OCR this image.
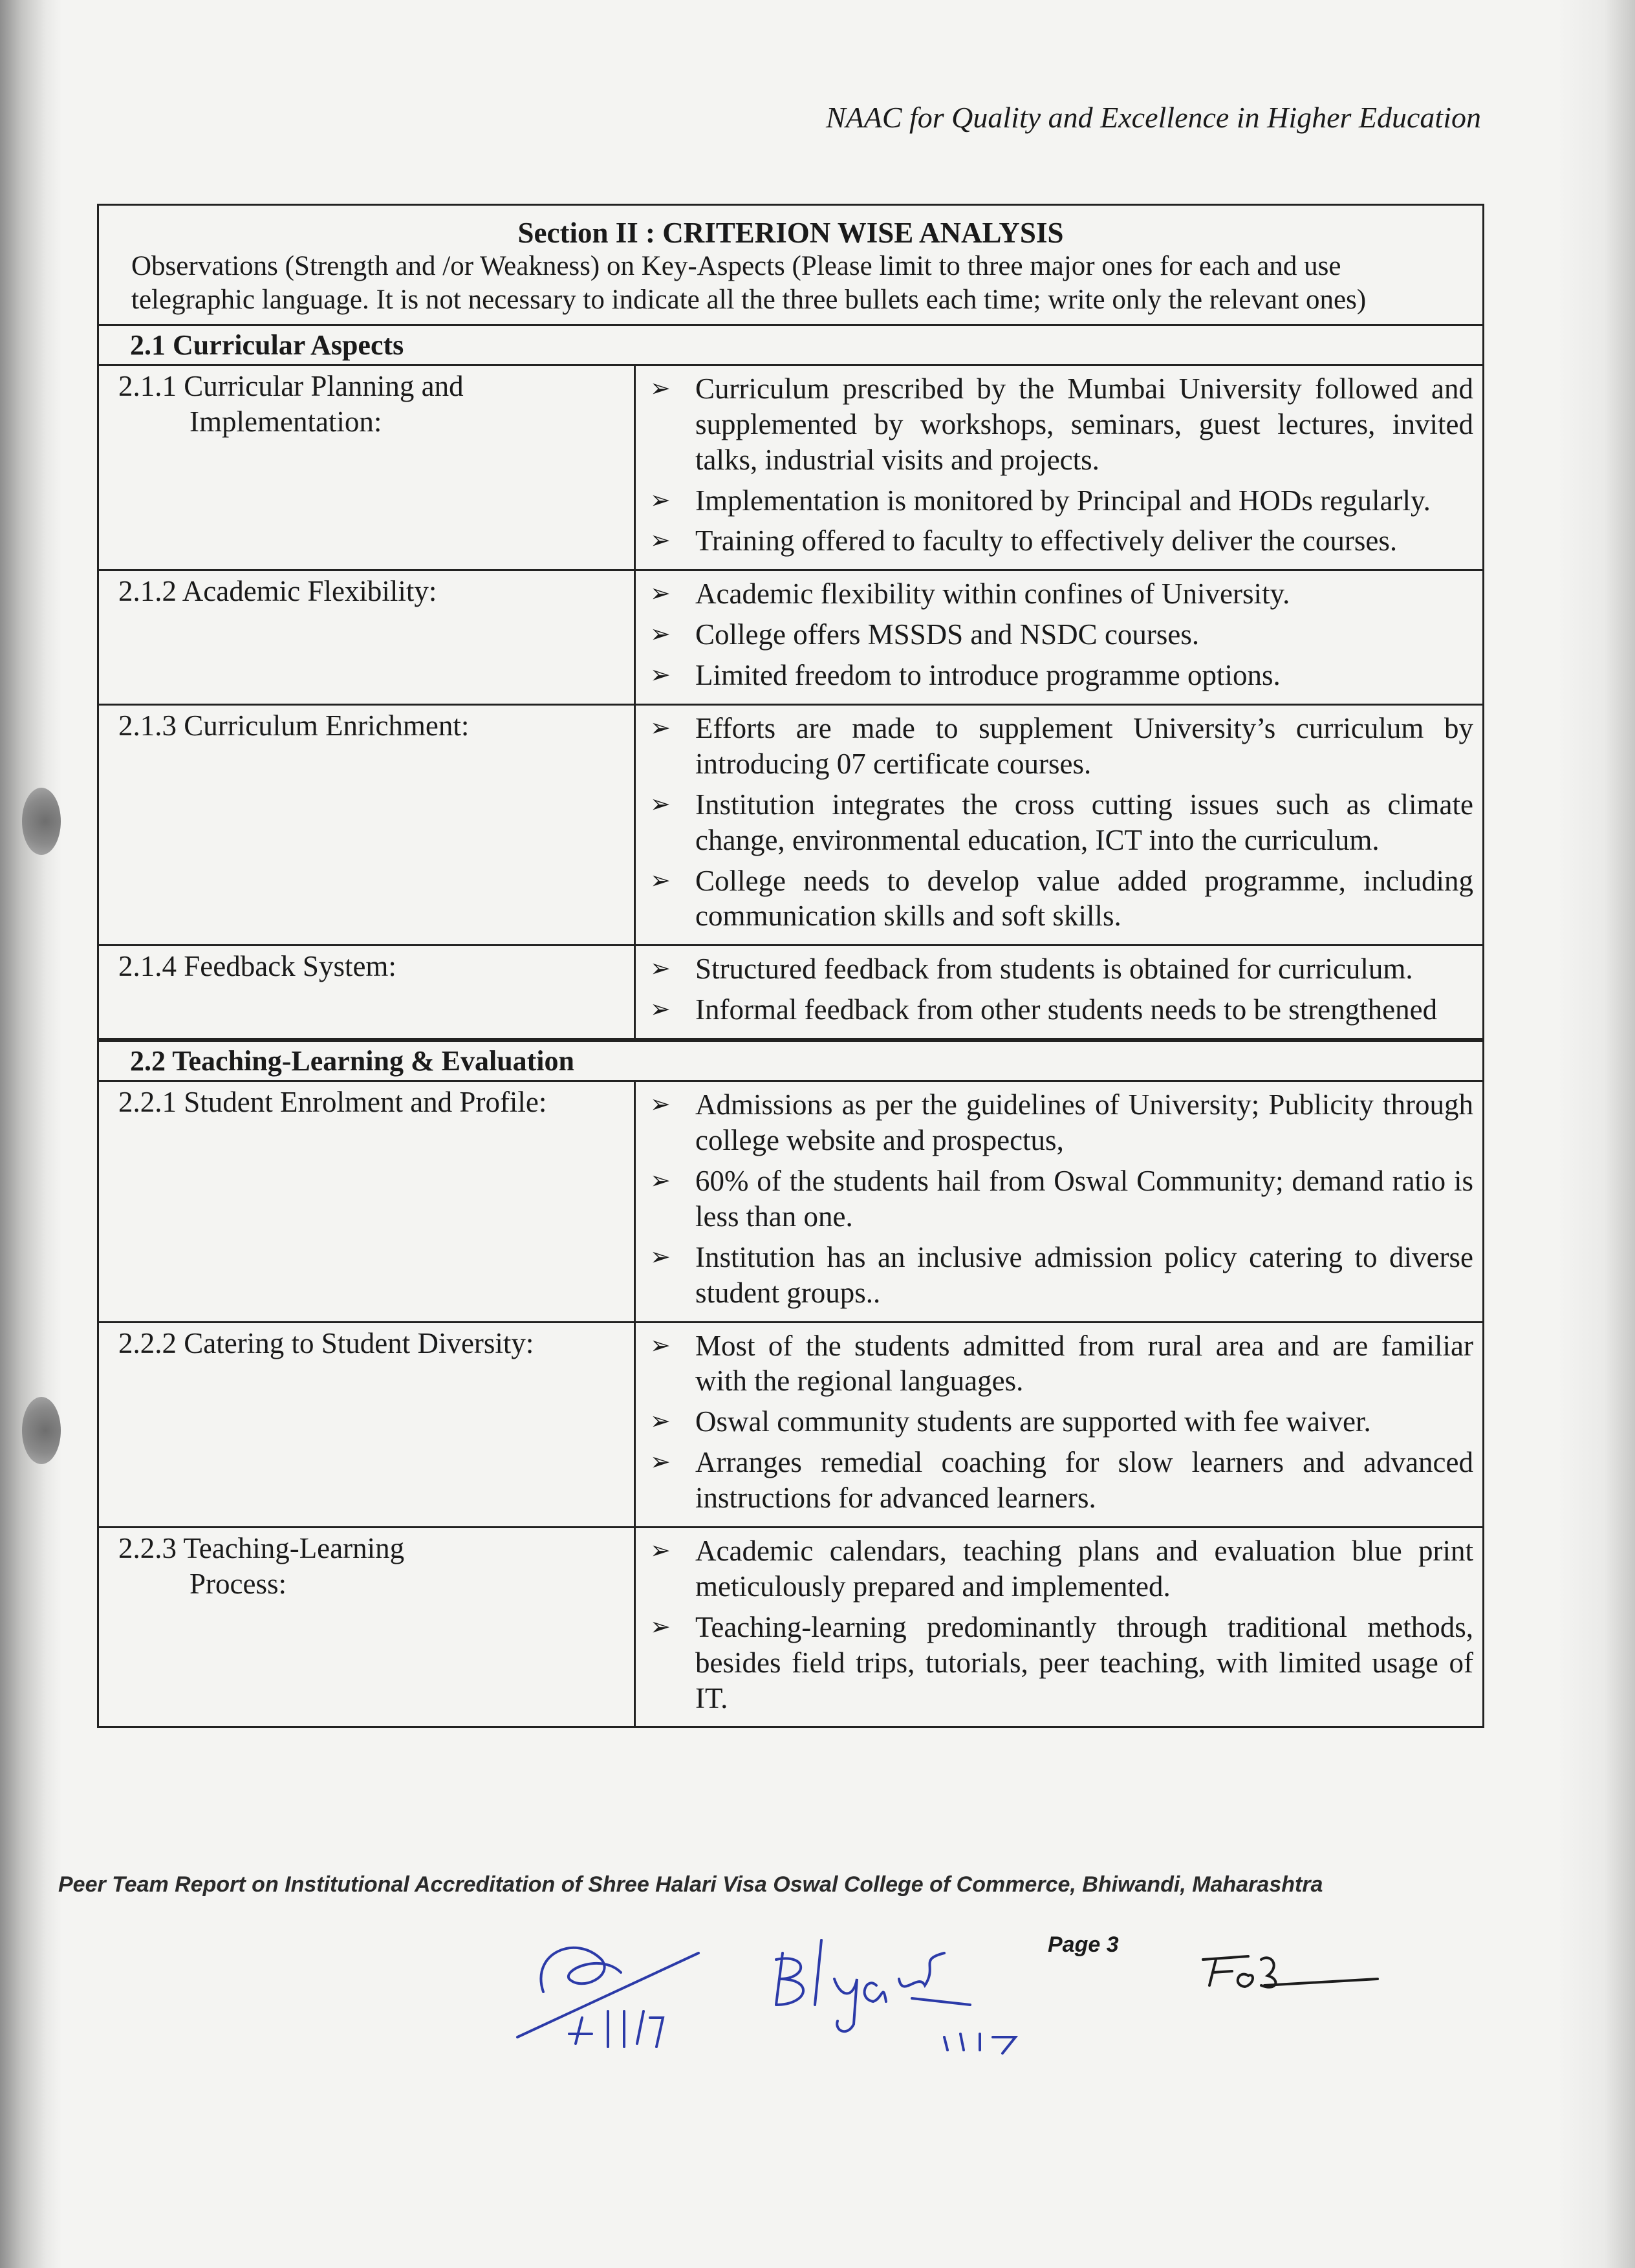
NAAC for Quality and Excellence in Higher Education
Section II : CRITERION WISE ANALYSIS
Observations (Strength and /or Weakness) on Key-Aspects (Please limit to three major ones for each and use telegraphic language. It is not necessary to indicate all the three bullets each time; write only the relevant ones)
2.1 Curricular Aspects
2.1.1 Curricular Planning and
Implementation:
➢ Curriculum prescribed by the Mumbai University followed and supplemented by workshops, seminars, guest lectures, invited talks, industrial visits and projects.
➢ Implementation is monitored by Principal and HODs regularly.
➢ Training offered to faculty to effectively deliver the courses.
2.1.2 Academic Flexibility:	➢ Academic flexibility within confines of University.
➢ College offers MSSDS and NSDC courses.
➢ Limited freedom to introduce programme options.
2.1.3 Curriculum Enrichment:	➢ Efforts are made to supplement University’s curriculum by introducing 07 certificate courses.
➢ Institution integrates the cross cutting issues such as climate change, environmental education, ICT into the curriculum.
➢ College needs to develop value added programme, including communication skills and soft skills.
2.1.4 Feedback System:	➢ Structured feedback from students is obtained for curriculum.
➢ Informal feedback from other students needs to be strengthened
2.2 Teaching-Learning & Evaluation
2.2.1 Student Enrolment and Profile:	➢ Admissions as per the guidelines of University; Publicity through college website and prospectus,
➢ 60% of the students hail from Oswal Community; demand ratio is less than one.
➢ Institution has an inclusive admission policy catering to diverse student groups..
2.2.2 Catering to Student Diversity:	➢ Most of the students admitted from rural area and are familiar with the regional languages.
➢ Oswal community students are supported with fee waiver.
➢ Arranges remedial coaching for slow learners and advanced instructions for advanced learners.
2.2.3 Teaching-Learning
Process:
➢ Academic calendars, teaching plans and evaluation blue print meticulously prepared and implemented.
➢ Teaching-learning predominantly through traditional methods, besides field trips, tutorials, peer teaching, with limited usage of IT.
Peer Team Report on Institutional Accreditation of Shree Halari Visa Oswal College of Commerce, Bhiwandi, Maharashtra
Page 3
